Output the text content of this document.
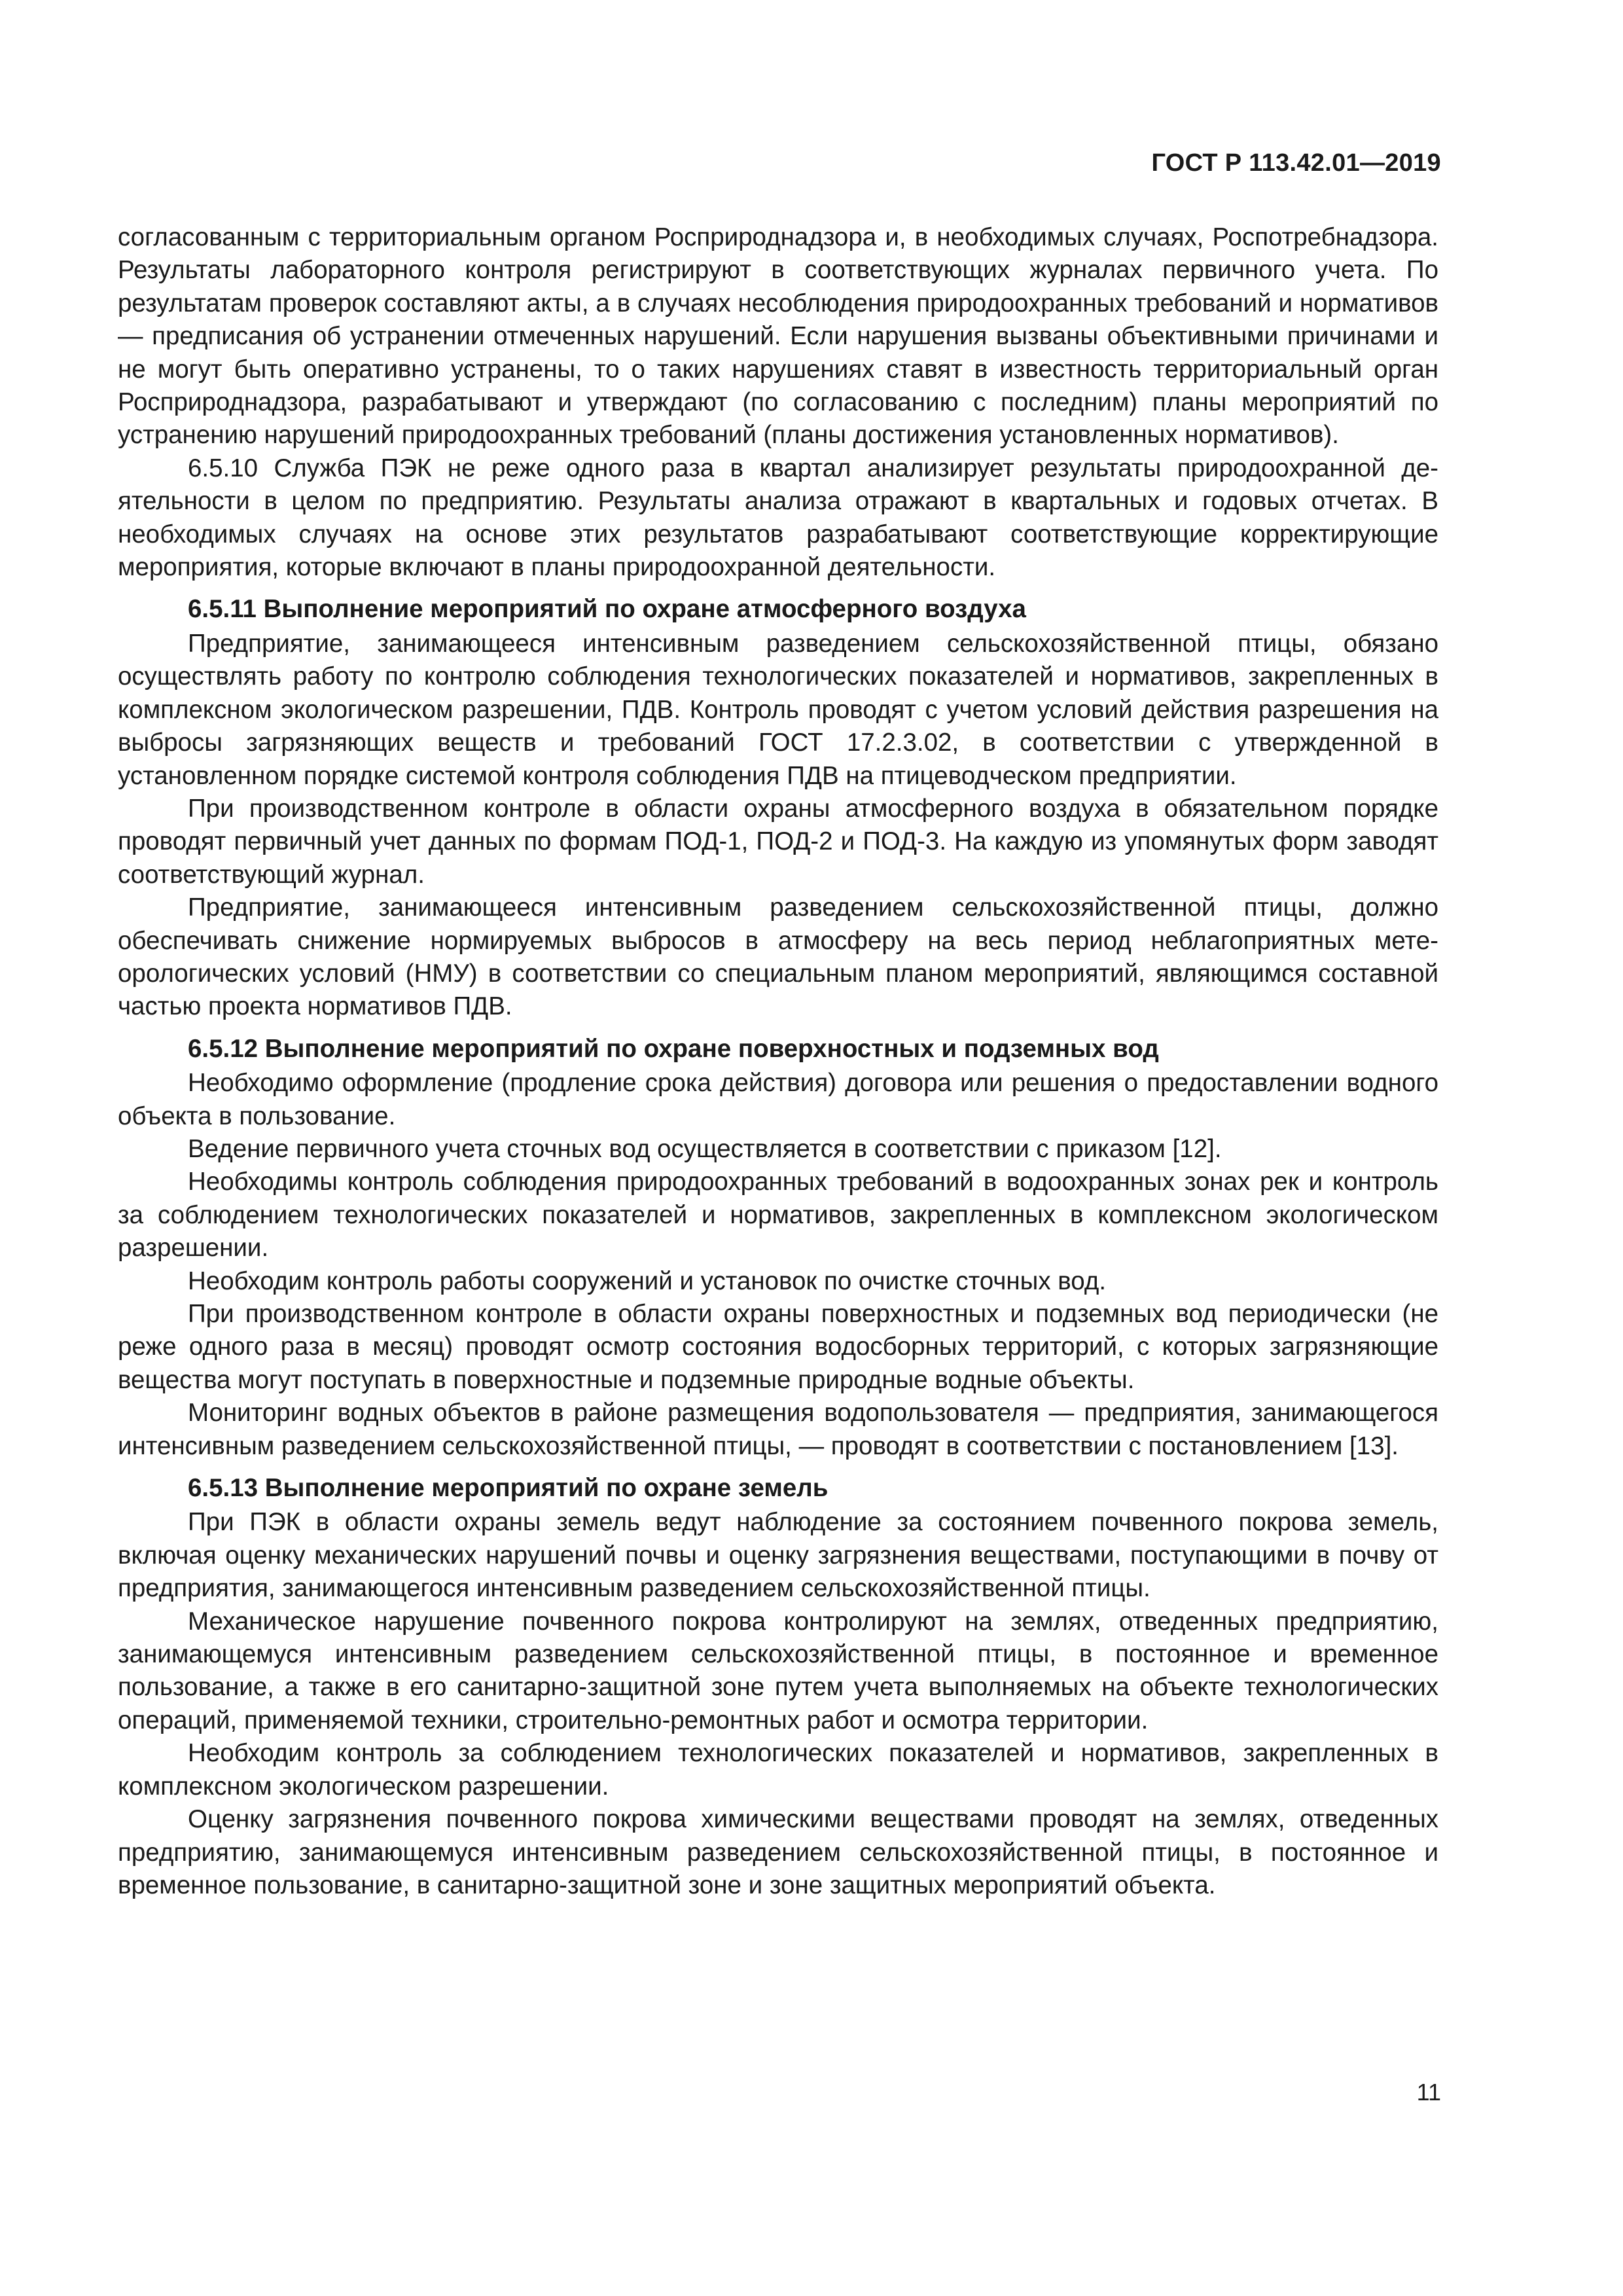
ГОСТ Р 113.42.01—2019

согласованным с территориальным органом Росприроднадзора и, в необходимых случаях, Роспотребнадзора. Результаты лабораторного контроля регистрируют в соответствующих журналах первичного учета. По результатам проверок составляют акты, а в случаях несоблюдения природоохранных требований и нормативов — предписания об устранении отмеченных нарушений. Если нарушения вызваны объективными причинами и не могут быть оперативно устранены, то о таких нарушениях ставят в известность территориальный орган Росприроднадзора, разрабатывают и утверждают (по согласованию с последним) планы мероприятий по устранению нарушений природоохранных требований (планы достижения установленных нормативов).

6.5.10 Служба ПЭК не реже одного раза в квартал анализирует результаты природоохранной деятельности в целом по предприятию. Результаты анализа отражают в квартальных и годовых отчетах. В необходимых случаях на основе этих результатов разрабатывают соответствующие корректирующие мероприятия, которые включают в планы природоохранной деятельности.

6.5.11 Выполнение мероприятий по охране атмосферного воздуха

Предприятие, занимающееся интенсивным разведением сельскохозяйственной птицы, обязано осуществлять работу по контролю соблюдения технологических показателей и нормативов, закрепленных в комплексном экологическом разрешении, ПДВ. Контроль проводят с учетом условий действия разрешения на выбросы загрязняющих веществ и требований ГОСТ 17.2.3.02, в соответствии с утвержденной в установленном порядке системой контроля соблюдения ПДВ на птицеводческом предприятии.

При производственном контроле в области охраны атмосферного воздуха в обязательном порядке проводят первичный учет данных по формам ПОД-1, ПОД-2 и ПОД-3. На каждую из упомянутых форм заводят соответствующий журнал.

Предприятие, занимающееся интенсивным разведением сельскохозяйственной птицы, должно обеспечивать снижение нормируемых выбросов в атмосферу на весь период неблагоприятных метеорологических условий (НМУ) в соответствии со специальным планом мероприятий, являющимся составной частью проекта нормативов ПДВ.

6.5.12 Выполнение мероприятий по охране поверхностных и подземных вод

Необходимо оформление (продление срока действия) договора или решения о предоставлении водного объекта в пользование.

Ведение первичного учета сточных вод осуществляется в соответствии с приказом [12].

Необходимы контроль соблюдения природоохранных требований в водоохранных зонах рек и контроль за соблюдением технологических показателей и нормативов, закрепленных в комплексном экологическом разрешении.

Необходим контроль работы сооружений и установок по очистке сточных вод.

При производственном контроле в области охраны поверхностных и подземных вод периодически (не реже одного раза в месяц) проводят осмотр состояния водосборных территорий, с которых загрязняющие вещества могут поступать в поверхностные и подземные природные водные объекты.

Мониторинг водных объектов в районе размещения водопользователя — предприятия, занимающегося интенсивным разведением сельскохозяйственной птицы, — проводят в соответствии с постановлением [13].

6.5.13 Выполнение мероприятий по охране земель

При ПЭК в области охраны земель ведут наблюдение за состоянием почвенного покрова земель, включая оценку механических нарушений почвы и оценку загрязнения веществами, поступающими в почву от предприятия, занимающегося интенсивным разведением сельскохозяйственной птицы.

Механическое нарушение почвенного покрова контролируют на землях, отведенных предприятию, занимающемуся интенсивным разведением сельскохозяйственной птицы, в постоянное и временное пользование, а также в его санитарно-защитной зоне путем учета выполняемых на объекте технологических операций, применяемой техники, строительно-ремонтных работ и осмотра территории.

Необходим контроль за соблюдением технологических показателей и нормативов, закрепленных в комплексном экологическом разрешении.

Оценку загрязнения почвенного покрова химическими веществами проводят на землях, отведенных предприятию, занимающемуся интенсивным разведением сельскохозяйственной птицы, в постоянное и временное пользование, в санитарно-защитной зоне и зоне защитных мероприятий объекта.

11
